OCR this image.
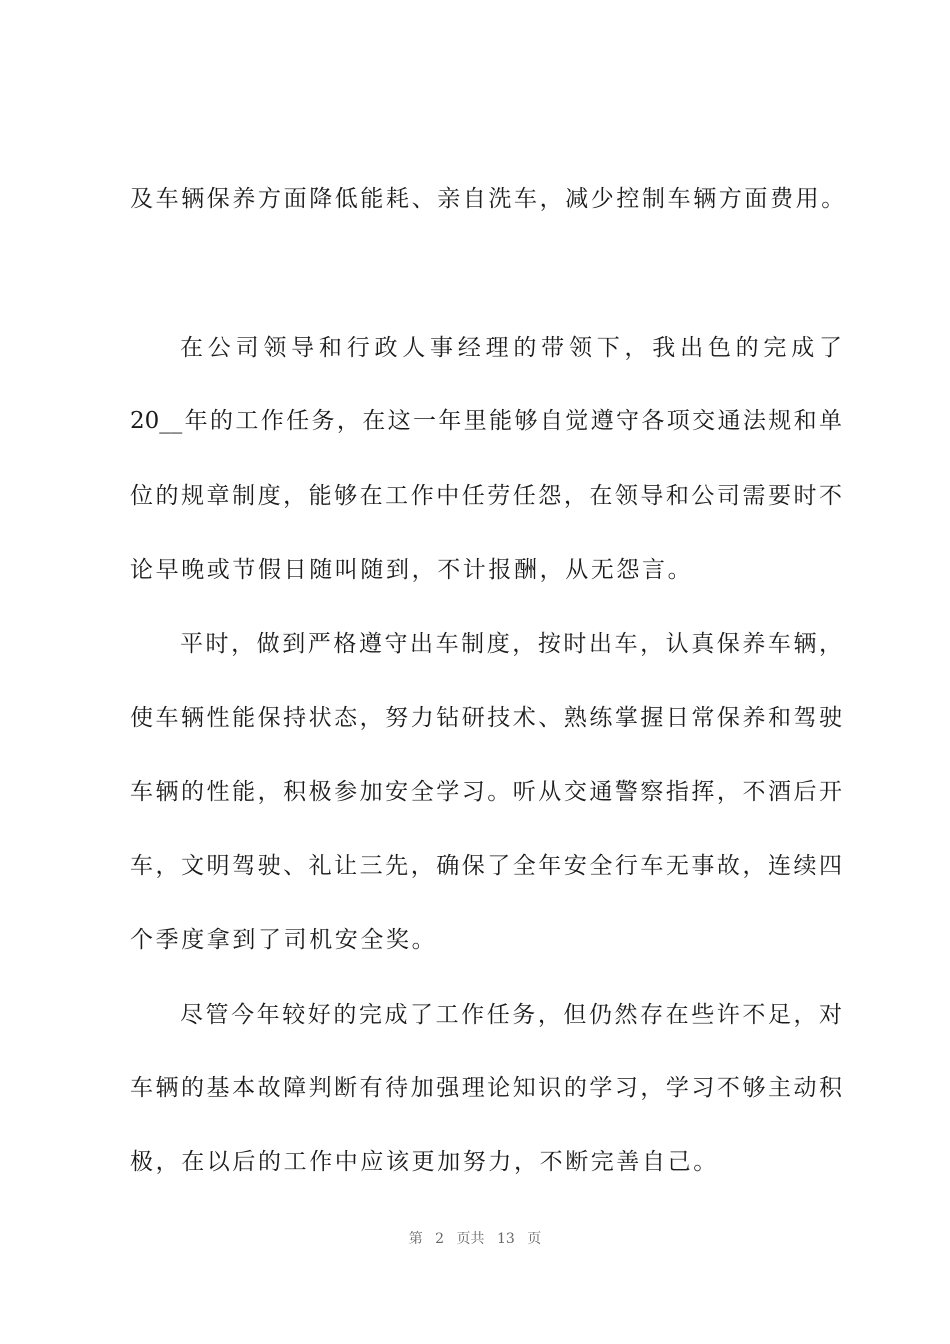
及车辆保养方面降低能耗、亲自洗车，减少控制车辆方面费用。
在公司领导和行政人事经理的带领下，我出色的完成了
20__年的工作任务，在这一年里能够自觉遵守各项交通法规和单
位的规章制度，能够在工作中任劳任怨，在领导和公司需要时不
论早晚或节假日随叫随到，不计报酬，从无怨言。
平时，做到严格遵守出车制度，按时出车，认真保养车辆，
使车辆性能保持状态，努力钻研技术、熟练掌握日常保养和驾驶
车辆的性能，积极参加安全学习。听从交通警察指挥，不酒后开
车，文明驾驶、礼让三先，确保了全年安全行车无事故，连续四
个季度拿到了司机安全奖。
尽管今年较好的完成了工作任务，但仍然存在些许不足，对
车辆的基本故障判断有待加强理论知识的学习，学习不够主动积
极，在以后的工作中应该更加努力，不断完善自己。
第 2 页共 13 页
